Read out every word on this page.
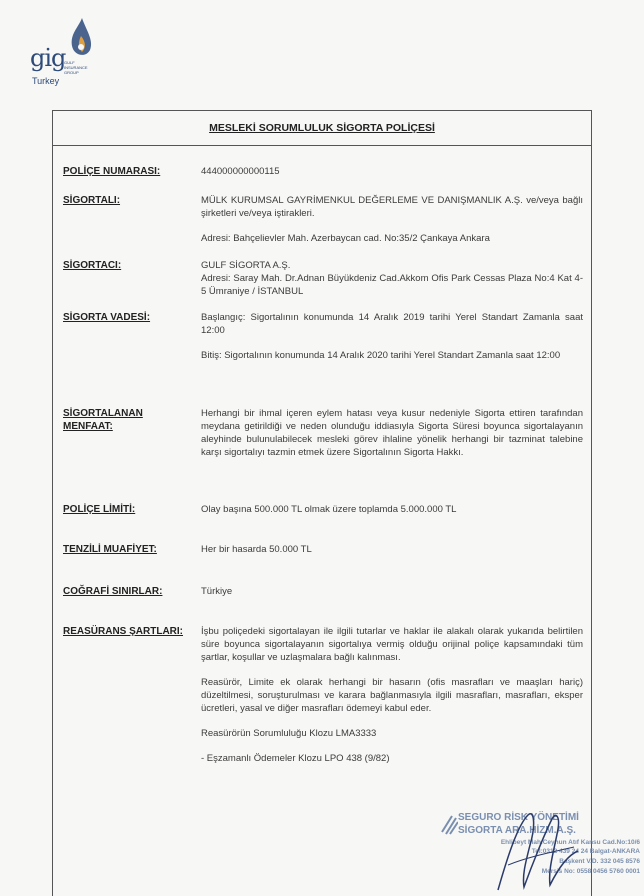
gig
GULF INSURANCE GROUP
Turkey
MESLEKİ SORUMLULUK SİGORTA POLİÇESİ
POLİÇE NUMARASI:	444000000000115

SİGORTALI:	MÜLK KURUMSAL GAYRİMENKUL DEĞERLEME VE DANIŞMANLIK A.Ş. ve/veya bağlı şirketleri ve/veya iştirakleri.

Adresi: Bahçelievler Mah. Azerbaycan cad. No:35/2 Çankaya Ankara

SİGORTACI:	GULF SİGORTA A.Ş.
Adresi: Saray Mah. Dr.Adnan Büyükdeniz Cad.Akkom Ofis Park Cessas Plaza No:4 Kat 4-5 Ümraniye / İSTANBUL

SİGORTA VADESİ:	Başlangıç: Sigortalının konumunda 14 Aralık 2019 tarihi Yerel Standart Zamanla saat 12:00

Bitiş: Sigortalının konumunda 14 Aralık 2020 tarihi Yerel Standart Zamanla saat 12:00

SİGORTALANAN MENFAAT:

Herhangi bir ihmal içeren eylem hatası veya kusur nedeniyle Sigorta ettiren tarafından meydana getirildiği ve neden olunduğu iddiasıyla Sigorta Süresi boyunca sigortalayanın aleyhinde bulunulabilecek mesleki görev ihlaline yönelik herhangi bir tazminat talebine karşı sigortalıyı tazmin etmek üzere Sigortalının Sigorta Hakkı.

POLİÇE LİMİTİ:	Olay başına 500.000 TL olmak üzere toplamda 5.000.000 TL

TENZİLİ MUAFİYET:	Her bir hasarda 50.000 TL

COĞRAFİ SINIRLAR:	Türkiye

REASÜRANS ŞARTLARI:	İşbu poliçedeki sigortalayan ile ilgili tutarlar ve haklar ile alakalı olarak yukarıda belirtilen süre boyunca sigortalayanın sigortalıya vermiş olduğu orijinal poliçe kapsamındaki tüm şartlar, koşullar ve uzlaşmalara bağlı kalınması.

Reasürör, Limite ek olarak herhangi bir hasarın (ofis masrafları ve maaşları hariç) düzeltilmesi, soruşturulması ve karara bağlanmasıyla ilgili masrafları, masrafları, eksper ücretleri, yasal ve diğer masrafları ödemeyi kabul eder.

Reasürörün Sorumluluğu Klozu LMA3333

- Eşzamanlı Ödemeler Klozu LPO 438 (9/82)

SEGURO RİSK YÖNETİMİ
SİGORTA ARA.HİZM.A.Ş.
Ehlibeyt Mah.Ceyhun Atıf Kansu Cad.No:10/6
Tel:0312 439 24 24 Balgat-ANKARA
Başkent V.D. 332 045 8576
Mersis No: 0558 0456 5760 0001
